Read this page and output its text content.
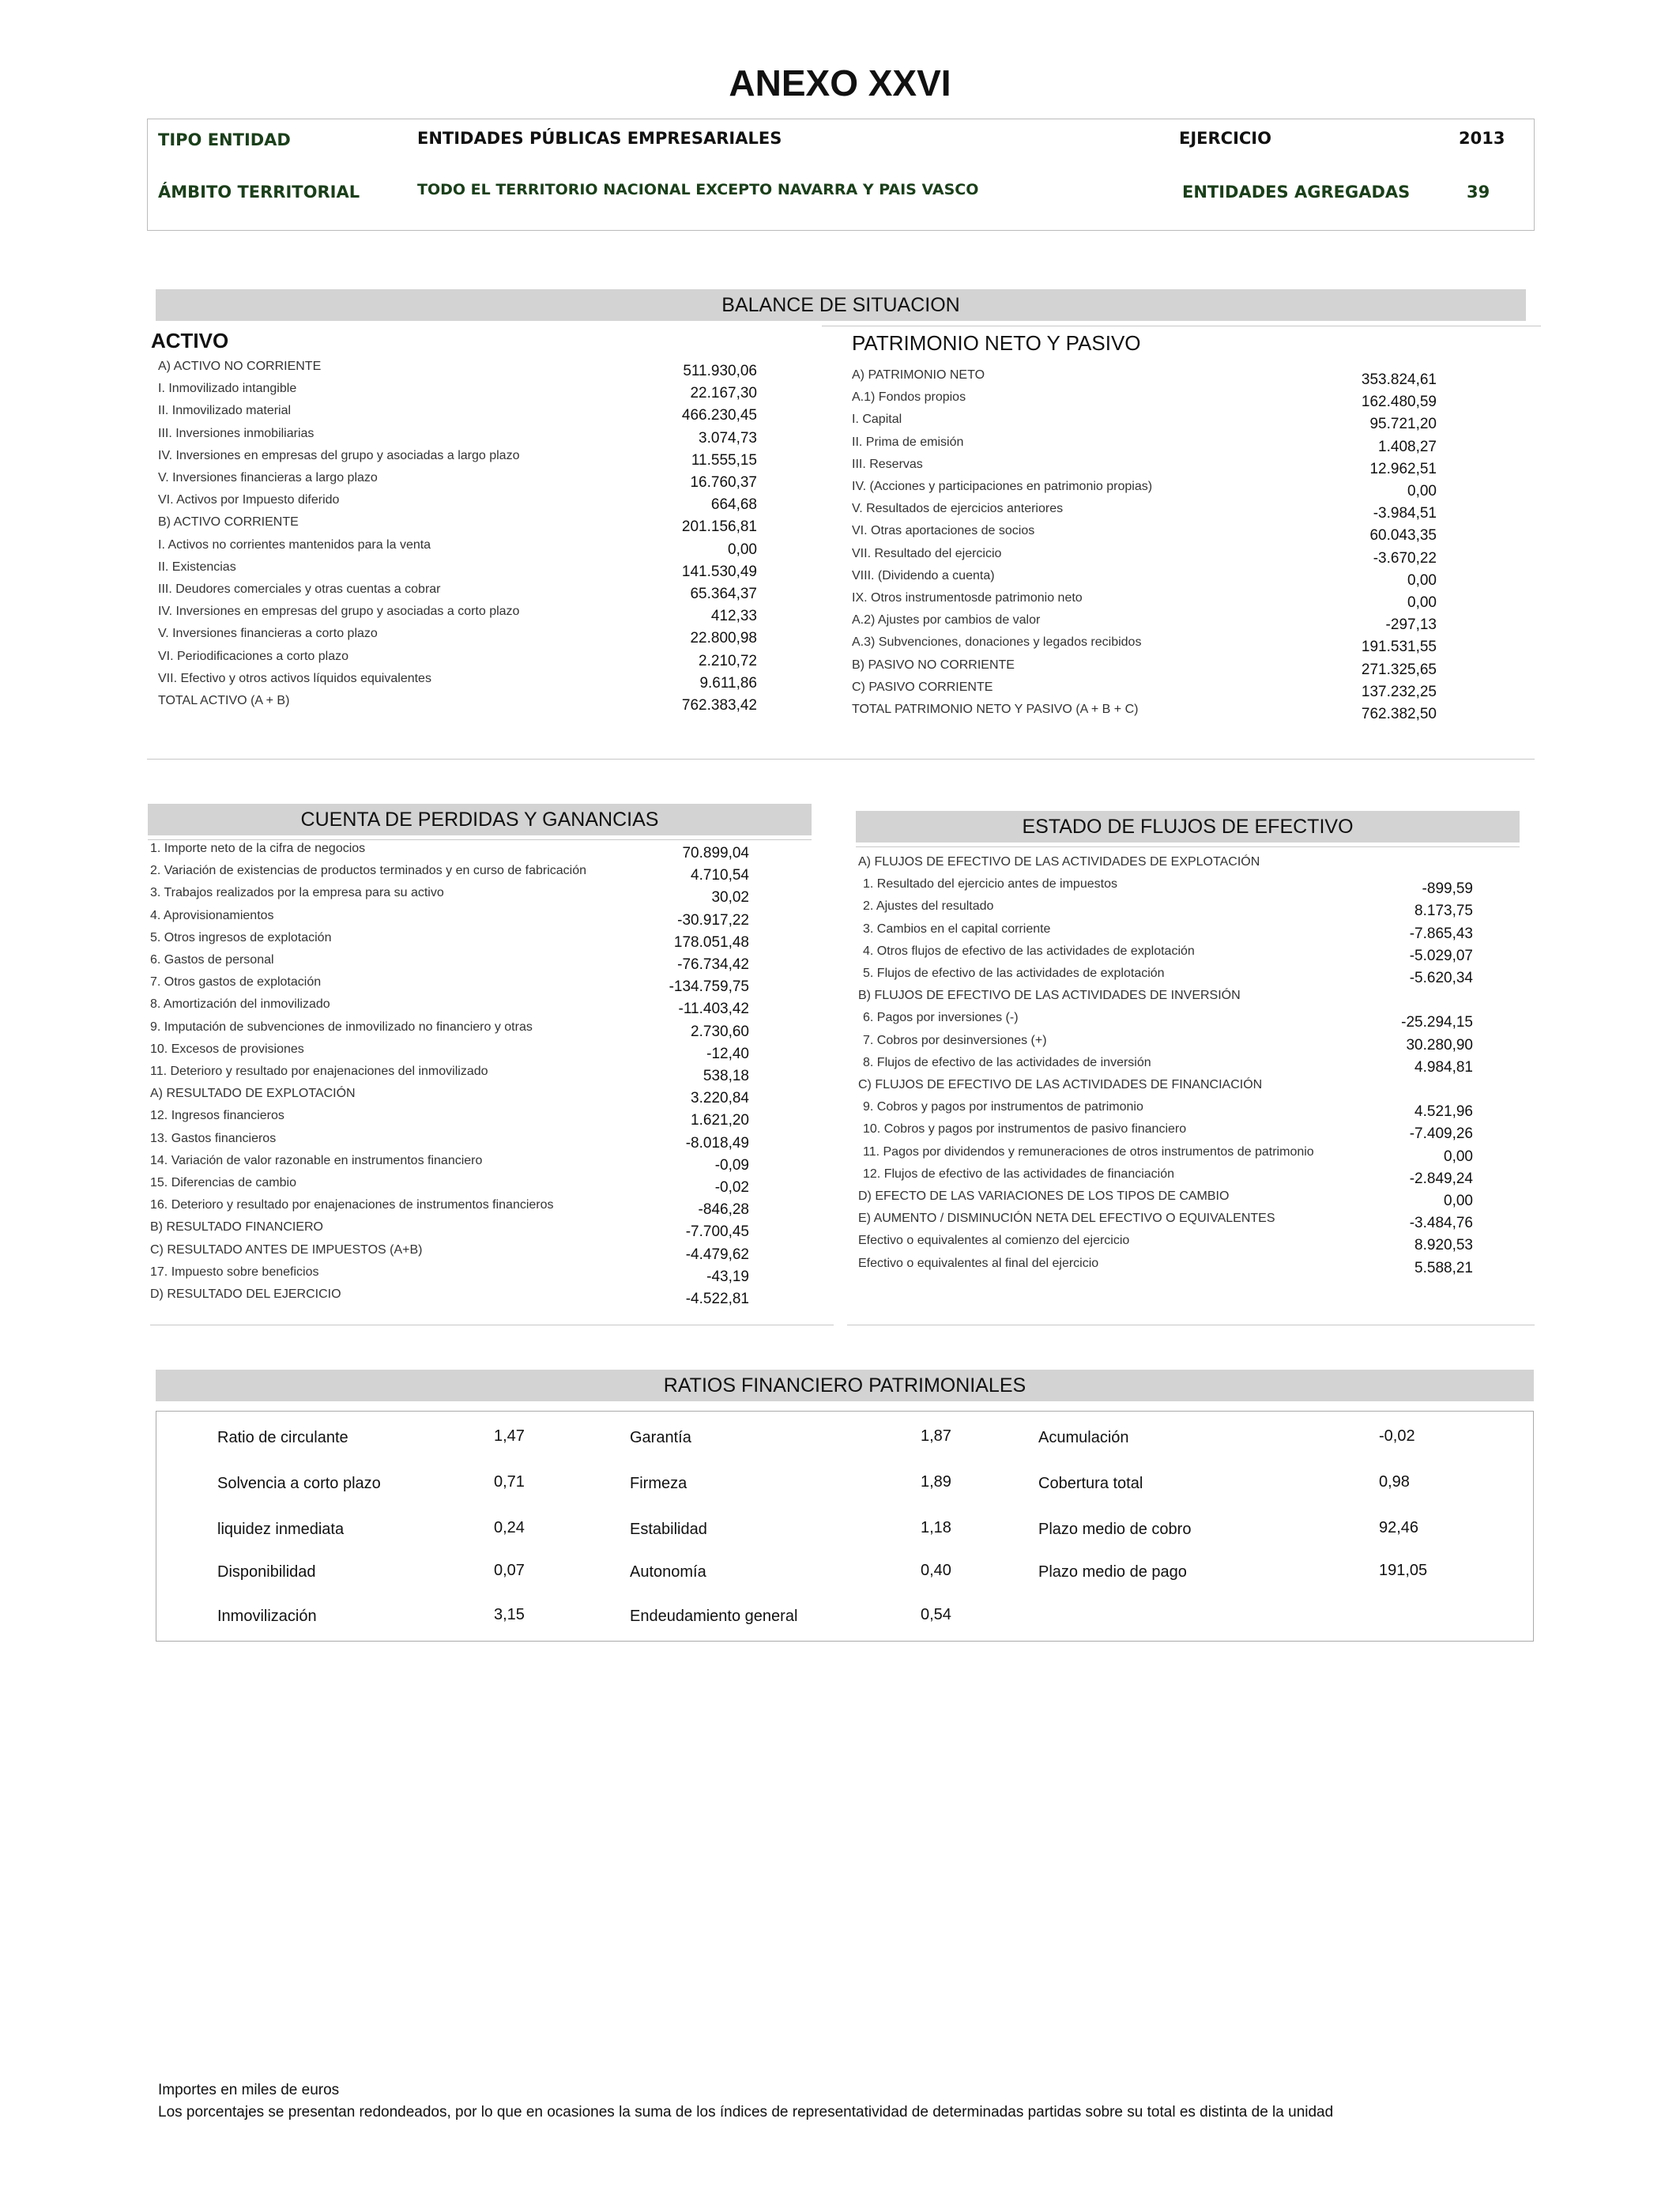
ANEXO XXVI
TIPO ENTIDAD	ENTIDADES PÚBLICAS EMPRESARIALES	EJERCICIO	2013
ÁMBITO TERRITORIAL	TODO EL TERRITORIO NACIONAL EXCEPTO NAVARRA Y PAIS VASCO	ENTIDADES AGREGADAS	39
BALANCE DE SITUACION
ACTIVO	PATRIMONIO NETO Y PASIVO
A) ACTIVO NO CORRIENTE	511.930,06
I. Inmovilizado intangible	22.167,30
II. Inmovilizado material	466.230,45
III. Inversiones inmobiliarias	3.074,73
IV. Inversiones en empresas del grupo y asociadas a largo plazo	11.555,15
V. Inversiones financieras a largo plazo	16.760,37
VI. Activos por Impuesto diferido	664,68
B) ACTIVO CORRIENTE	201.156,81
I. Activos no corrientes mantenidos para la venta	0,00
II. Existencias	141.530,49
III. Deudores comerciales y otras cuentas a cobrar	65.364,37
IV. Inversiones en empresas del grupo y asociadas a corto plazo	412,33
V. Inversiones financieras a corto plazo	22.800,98
VI. Periodificaciones a corto plazo	2.210,72
VII. Efectivo y otros activos líquidos equivalentes	9.611,86
TOTAL ACTIVO (A + B)	762.383,42
A) PATRIMONIO NETO	353.824,61
A.1) Fondos propios	162.480,59
I. Capital	95.721,20
II. Prima de emisión	1.408,27
III. Reservas	12.962,51
IV. (Acciones y participaciones en patrimonio propias)	0,00
V. Resultados de ejercicios anteriores	-3.984,51
VI. Otras aportaciones de socios	60.043,35
VII. Resultado del ejercicio	-3.670,22
VIII. (Dividendo a cuenta)	0,00
IX. Otros instrumentosde patrimonio neto	0,00
A.2) Ajustes por cambios de valor	-297,13
A.3) Subvenciones, donaciones y legados recibidos	191.531,55
B) PASIVO NO CORRIENTE	271.325,65
C) PASIVO CORRIENTE	137.232,25
TOTAL PATRIMONIO NETO Y PASIVO (A + B + C)	762.382,50
CUENTA DE PERDIDAS Y GANANCIAS
1. Importe neto de la cifra de negocios	70.899,04
2. Variación de existencias de productos terminados y en curso de fabricación	4.710,54
3. Trabajos realizados por la empresa para su activo	30,02
4. Aprovisionamientos	-30.917,22
5. Otros ingresos de explotación	178.051,48
6. Gastos de personal	-76.734,42
7. Otros gastos de explotación	-134.759,75
8. Amortización del inmovilizado	-11.403,42
9. Imputación de subvenciones de inmovilizado no financiero y otras	2.730,60
10. Excesos de provisiones	-12,40
11. Deterioro y resultado por enajenaciones del inmovilizado	538,18
A) RESULTADO DE EXPLOTACIÓN	3.220,84
12. Ingresos financieros	1.621,20
13. Gastos financieros	-8.018,49
14. Variación de valor razonable en instrumentos financiero	-0,09
15. Diferencias de cambio	-0,02
16. Deterioro y resultado por enajenaciones de instrumentos financieros	-846,28
B) RESULTADO FINANCIERO	-7.700,45
C) RESULTADO ANTES DE IMPUESTOS (A+B)	-4.479,62
17. Impuesto sobre beneficios	-43,19
D) RESULTADO DEL EJERCICIO	-4.522,81
ESTADO DE FLUJOS DE EFECTIVO
A) FLUJOS DE EFECTIVO DE LAS ACTIVIDADES DE EXPLOTACIÓN
1. Resultado del ejercicio antes de impuestos	-899,59
2. Ajustes del resultado	8.173,75
3. Cambios en el capital corriente	-7.865,43
4. Otros flujos de efectivo de las actividades de explotación	-5.029,07
5. Flujos de efectivo de las actividades de explotación	-5.620,34
B) FLUJOS DE EFECTIVO DE LAS ACTIVIDADES DE INVERSIÓN
6. Pagos por inversiones (-)	-25.294,15
7. Cobros por desinversiones (+)	30.280,90
8. Flujos de efectivo de las actividades de inversión	4.984,81
C) FLUJOS DE EFECTIVO DE LAS ACTIVIDADES DE FINANCIACIÓN
9. Cobros y pagos por instrumentos de patrimonio	4.521,96
10. Cobros y pagos por instrumentos de pasivo financiero	-7.409,26
11. Pagos por dividendos y remuneraciones de otros instrumentos de patrimonio	0,00
12. Flujos de efectivo de las actividades de financiación	-2.849,24
D) EFECTO DE LAS VARIACIONES DE LOS TIPOS DE CAMBIO	0,00
E) AUMENTO / DISMINUCIÓN NETA DEL EFECTIVO O EQUIVALENTES	-3.484,76
Efectivo o equivalentes al comienzo del ejercicio	8.920,53
Efectivo o equivalentes al final del ejercicio	5.588,21
RATIOS FINANCIERO PATRIMONIALES
Ratio de circulante	1,47
Solvencia a corto plazo	0,71
liquidez inmediata	0,24
Disponibilidad	0,07
Inmovilización	3,15
Garantía	1,87
Firmeza	1,89
Estabilidad	1,18
Autonomía	0,40
Endeudamiento general	0,54
Acumulación	-0,02
Cobertura total	0,98
Plazo medio de cobro	92,46
Plazo medio de pago	191,05
Importes en miles de euros
Los porcentajes se presentan redondeados, por lo que en ocasiones la suma de los índices de representatividad de determinadas partidas sobre su total es distinta de la unidad
